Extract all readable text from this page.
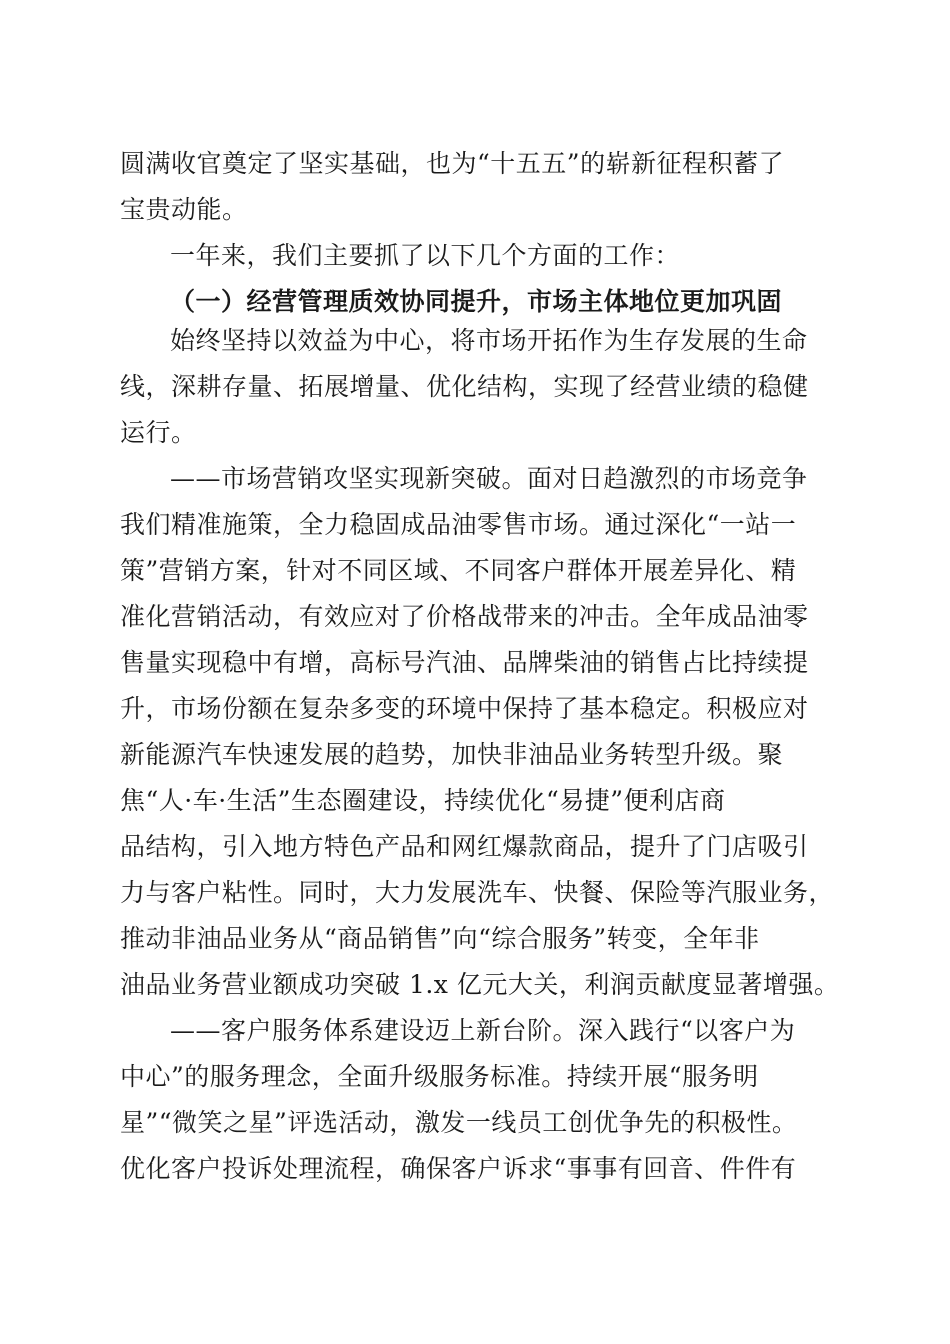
圆满收官奠定了坚实基础，也为“十五五”的崭新征程积蓄了
宝贵动能。
一年来，我们主要抓了以下几个方面的工作：
（一）经营管理质效协同提升，市场主体地位更加巩固
始终坚持以效益为中心，将市场开拓作为生存发展的生命
线，深耕存量、拓展增量、优化结构，实现了经营业绩的稳健
运行。
——市场营销攻坚实现新突破。面对日趋激烈的市场竞争
我们精准施策，全力稳固成品油零售市场。通过深化“一站一
策”营销方案，针对不同区域、不同客户群体开展差异化、精
准化营销活动，有效应对了价格战带来的冲击。全年成品油零
售量实现稳中有增，高标号汽油、品牌柴油的销售占比持续提
升，市场份额在复杂多变的环境中保持了基本稳定。积极应对
新能源汽车快速发展的趋势，加快非油品业务转型升级。聚
焦“人·车·生活”生态圈建设，持续优化“易捷”便利店商
品结构，引入地方特色产品和网红爆款商品，提升了门店吸引
力与客户粘性。同时，大力发展洗车、快餐、保险等汽服业务，
推动非油品业务从“商品销售”向“综合服务”转变，全年非
油品业务营业额成功突破 1.x 亿元大关，利润贡献度显著增强。
——客户服务体系建设迈上新台阶。深入践行“以客户为
中心”的服务理念，全面升级服务标准。持续开展“服务明
星”“微笑之星”评选活动，激发一线员工创优争先的积极性。
优化客户投诉处理流程，确保客户诉求“事事有回音、件件有
